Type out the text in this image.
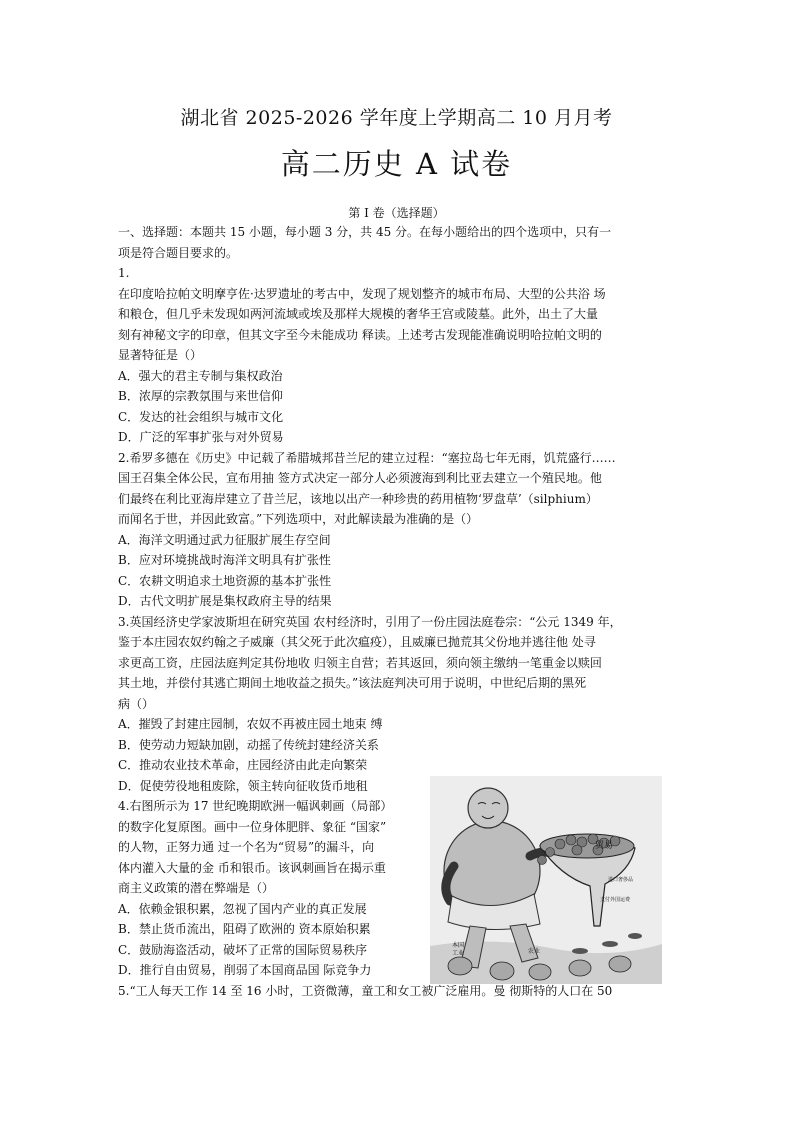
湖北省 2025-2026 学年度上学期高二 10 月月考
高二历史 A 试卷
第 I 卷（选择题）
一、选择题：本题共 15 小题，每小题 3 分，共 45 分。在每小题给出的四个选项中，只有一
项是符合题目要求的。
1.
在印度哈拉帕文明摩亨佐·达罗遗址的考古中，发现了规划整齐的城市布局、大型的公共浴 场
和粮仓，但几乎未发现如两河流域或埃及那样大规模的奢华王宫或陵墓。此外，出土了大量
刻有神秘文字的印章，但其文字至今未能成功 释读。上述考古发现能准确说明哈拉帕文明的
显著特征是（）
A．强大的君主专制与集权政治
B．浓厚的宗教氛围与来世信仰
C．发达的社会组织与城市文化
D．广泛的军事扩张与对外贸易
2.希罗多德在《历史》中记载了希腊城邦昔兰尼的建立过程：“塞拉岛七年无雨，饥荒盛行……
国王召集全体公民，宣布用抽 签方式决定一部分人必须渡海到利比亚去建立一个殖民地。他
们最终在利比亚海岸建立了昔兰尼，该地以出产一种珍贵的药用植物‘罗盘草’（silphium）
而闻名于世，并因此致富。”下列选项中，对此解读最为准确的是（）
A．海洋文明通过武力征服扩展生存空间
B．应对环境挑战时海洋文明具有扩张性
C．农耕文明追求土地资源的基本扩张性
D．古代文明扩展是集权政府主导的结果
3.英国经济史学家波斯坦在研究英国 农村经济时，引用了一份庄园法庭卷宗：“公元 1349 年，
鉴于本庄园农奴约翰之子威廉（其父死于此次瘟疫），且威廉已抛荒其父份地并逃往他 处寻
求更高工资，庄园法庭判定其份地收 归领主自营；若其返回，须向领主缴纳一笔重金以赎回
其土地，并偿付其逃亡期间土地收益之损失。”该法庭判决可用于说明，中世纪后期的黑死
病（）
A．摧毁了封建庄园制，农奴不再被庄园土地束 缚
B．使劳动力短缺加剧，动摇了传统封建经济关系
C．推动农业技术革命，庄园经济由此走向繁荣
D．促使劳役地租废除，领主转向征收货币地租
4.右图所示为 17 世纪晚期欧洲一幅讽刺画（局部）
的数字化复原图。画中一位身体肥胖、象征 “国家”
的人物，正努力通 过一个名为“贸易”的漏斗，向
体内灌入大量的金 币和银币。该讽刺画旨在揭示重
商主义政策的潜在弊端是（）
A．依赖金银积累，忽视了国内产业的真正发展
B．禁止货币流出，阻碍了欧洲的 资本原始积累
C．鼓励海盗活动，破坏了正常的国际贸易秩序
D．推行自由贸易，削弱了本国商品国 际竞争力
5.“工人每天工作 14 至 16 小时，工资微薄，童工和女工被广泛雇用。曼 彻斯特的人口在 50
贸易
进口奢侈品
支付外国运费
本国
工业	农业
